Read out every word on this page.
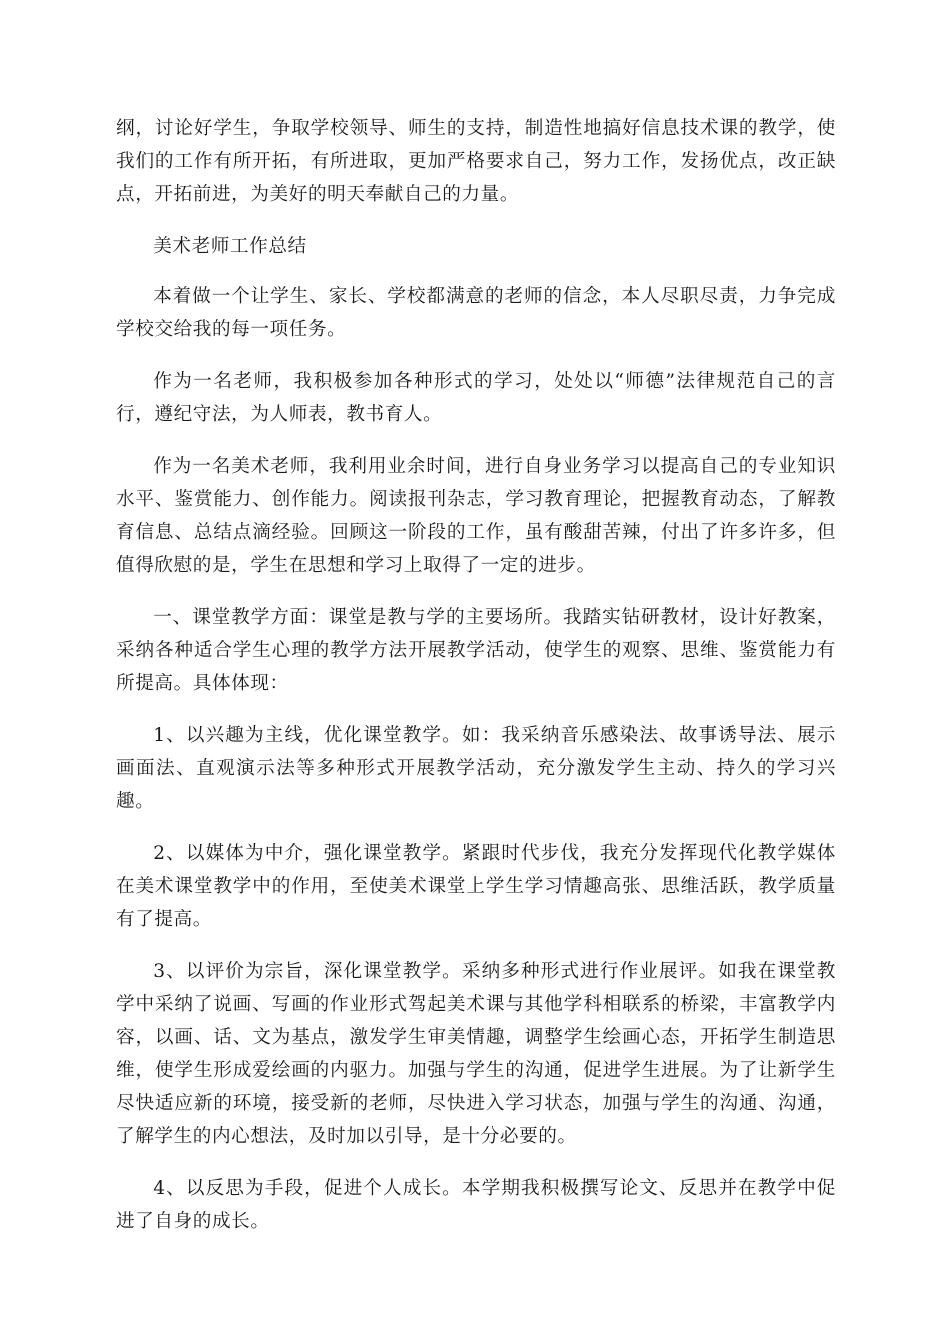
纲，讨论好学生，争取学校领导、师生的支持，制造性地搞好信息技术课的教学，使我们的工作有所开拓，有所进取，更加严格要求自己，努力工作，发扬优点，改正缺点，开拓前进，为美好的明天奉献自己的力量。

美术老师工作总结

本着做一个让学生、家长、学校都满意的老师的信念，本人尽职尽责，力争完成学校交给我的每一项任务。

作为一名老师，我积极参加各种形式的学习，处处以“师德”法律规范自己的言行，遵纪守法，为人师表，教书育人。

作为一名美术老师，我利用业余时间，进行自身业务学习以提高自己的专业知识水平、鉴赏能力、创作能力。阅读报刊杂志，学习教育理论，把握教育动态，了解教育信息、总结点滴经验。回顾这一阶段的工作，虽有酸甜苦辣，付出了许多许多，但值得欣慰的是，学生在思想和学习上取得了一定的进步。

一、课堂教学方面：课堂是教与学的主要场所。我踏实钻研教材，设计好教案，采纳各种适合学生心理的教学方法开展教学活动，使学生的观察、思维、鉴赏能力有所提高。具体体现：

1、以兴趣为主线，优化课堂教学。如：我采纳音乐感染法、故事诱导法、展示画面法、直观演示法等多种形式开展教学活动，充分激发学生主动、持久的学习兴趣。

2、以媒体为中介，强化课堂教学。紧跟时代步伐，我充分发挥现代化教学媒体在美术课堂教学中的作用，至使美术课堂上学生学习情趣高张、思维活跃，教学质量有了提高。

3、以评价为宗旨，深化课堂教学。采纳多种形式进行作业展评。如我在课堂教学中采纳了说画、写画的作业形式驾起美术课与其他学科相联系的桥梁，丰富教学内容，以画、话、文为基点，激发学生审美情趣，调整学生绘画心态，开拓学生制造思维，使学生形成爱绘画的内驱力。加强与学生的沟通，促进学生进展。为了让新学生尽快适应新的环境，接受新的老师，尽快进入学习状态，加强与学生的沟通、沟通，了解学生的内心想法，及时加以引导，是十分必要的。

4、以反思为手段，促进个人成长。本学期我积极撰写论文、反思并在教学中促进了自身的成长。
